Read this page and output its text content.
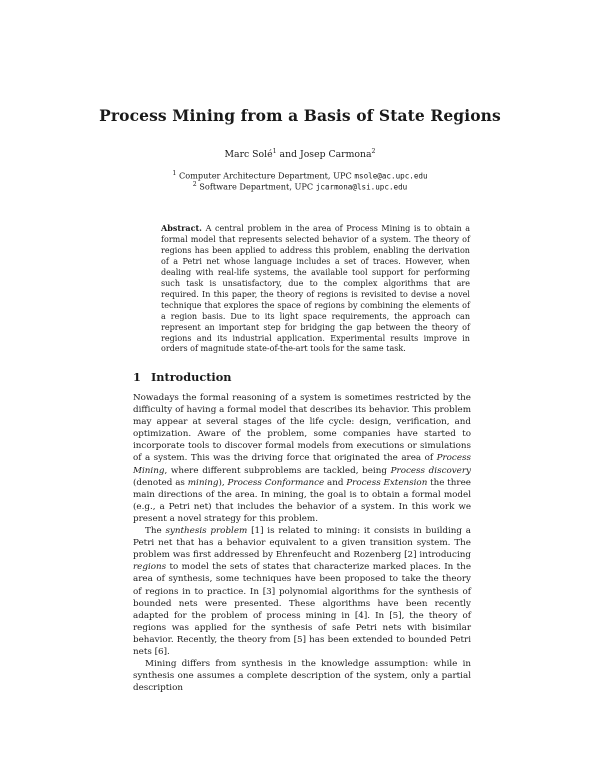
Process Mining from a Basis of State Regions
Marc Solé$^1$ and Josep Carmona$^2$
$^1$ Computer Architecture Department, UPC msole@ac.upc.edu
$^2$ Software Department, UPC jcarmona@lsi.upc.edu
Abstract. A central problem in the area of Process Mining is to obtain a formal model that represents selected behavior of a system. The theory of regions has been applied to address this problem, enabling the derivation of a Petri net whose language includes a set of traces. However, when dealing with real-life systems, the available tool support for performing such task is unsatisfactory, due to the complex algorithms that are required. In this paper, the theory of regions is revisited to devise a novel technique that explores the space of regions by combining the elements of a region basis. Due to its light space requirements, the approach can represent an important step for bridging the gap between the theory of regions and its industrial application. Experimental results improve in orders of magnitude state-of-the-art tools for the same task.
1 Introduction

Nowadays the formal reasoning of a system is sometimes restricted by the difficulty of having a formal model that describes its behavior. This problem may appear at several stages of the life cycle: design, verification, and optimization. Aware of the problem, some companies have started to incorporate tools to discover formal models from executions or simulations of a system. This was the driving force that originated the area of Process Mining, where different subproblems are tackled, being Process discovery (denoted as mining), Process Conformance and Process Extension the three main directions of the area. In mining, the goal is to obtain a formal model (e.g., a Petri net) that includes the behavior of a system. In this work we present a novel strategy for this problem.

The synthesis problem [1] is related to mining: it consists in building a Petri net that has a behavior equivalent to a given transition system. The problem was first addressed by Ehrenfeucht and Rozenberg [2] introducing regions to model the sets of states that characterize marked places. In the area of synthesis, some techniques have been proposed to take the theory of regions in to practice. In [3] polynomial algorithms for the synthesis of bounded nets were presented. These algorithms have been recently adapted for the problem of process mining in [4]. In [5], the theory of regions was applied for the synthesis of safe Petri nets with bisimilar behavior. Recently, the theory from [5] has been extended to bounded Petri nets [6].

Mining differs from synthesis in the knowledge assumption: while in synthesis one assumes a complete description of the system, only a partial description
